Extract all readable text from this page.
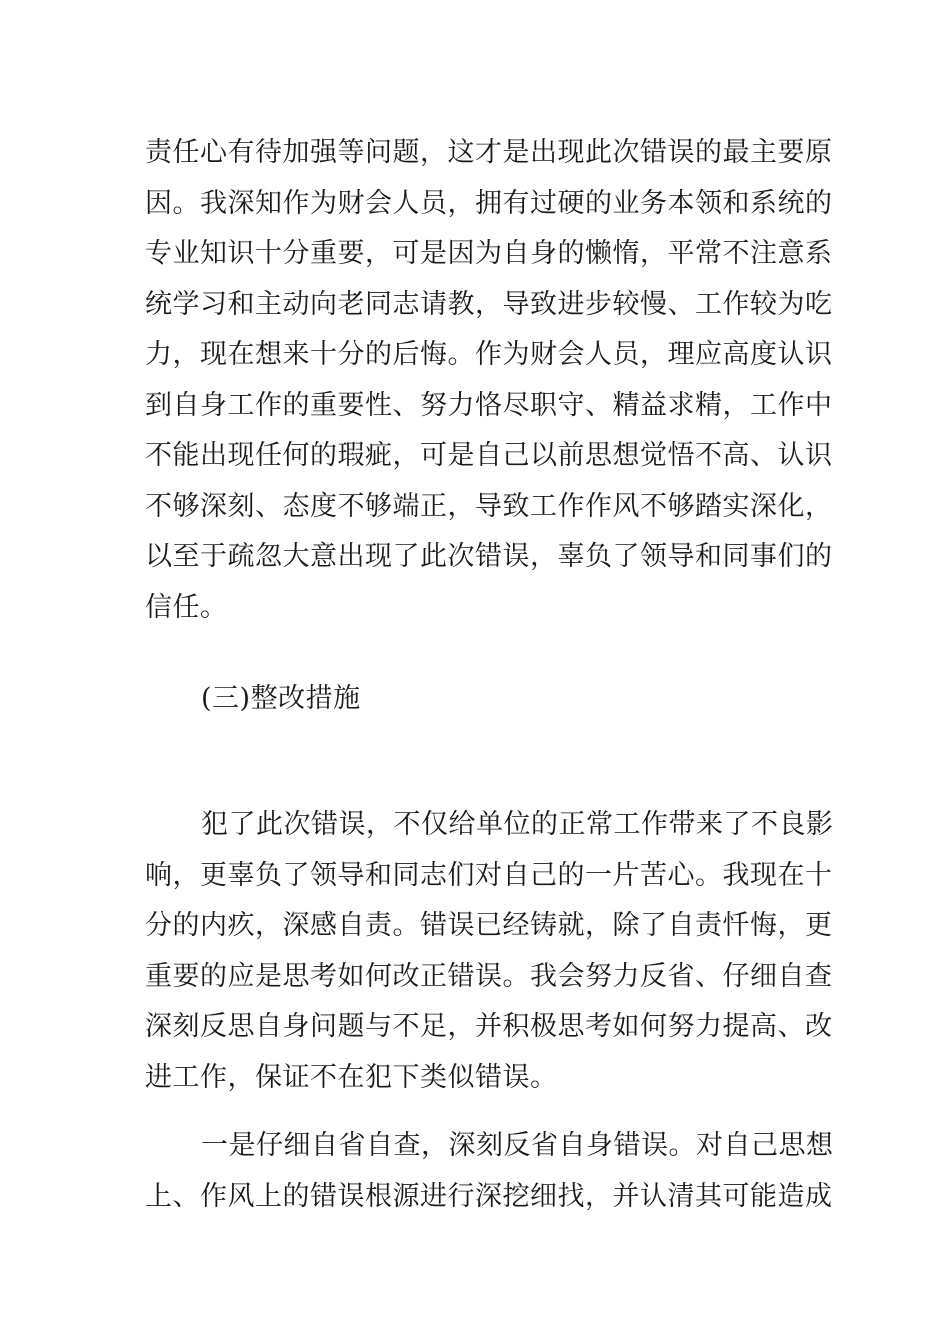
责任心有待加强等问题，这才是出现此次错误的最主要原
因。我深知作为财会人员，拥有过硬的业务本领和系统的
专业知识十分重要，可是因为自身的懒惰，平常不注意系
统学习和主动向老同志请教，导致进步较慢、工作较为吃
力，现在想来十分的后悔。作为财会人员，理应高度认识
到自身工作的重要性、努力恪尽职守、精益求精，工作中
不能出现任何的瑕疵，可是自己以前思想觉悟不高、认识
不够深刻、态度不够端正，导致工作作风不够踏实深化，
以至于疏忽大意出现了此次错误，辜负了领导和同事们的
信任。
(三)整改措施
犯了此次错误，不仅给单位的正常工作带来了不良影
响，更辜负了领导和同志们对自己的一片苦心。我现在十
分的内疚，深感自责。错误已经铸就，除了自责忏悔，更
重要的应是思考如何改正错误。我会努力反省、仔细自查
深刻反思自身问题与不足，并积极思考如何努力提高、改
进工作，保证不在犯下类似错误。
一是仔细自省自查，深刻反省自身错误。对自己思想
上、作风上的错误根源进行深挖细找，并认清其可能造成
